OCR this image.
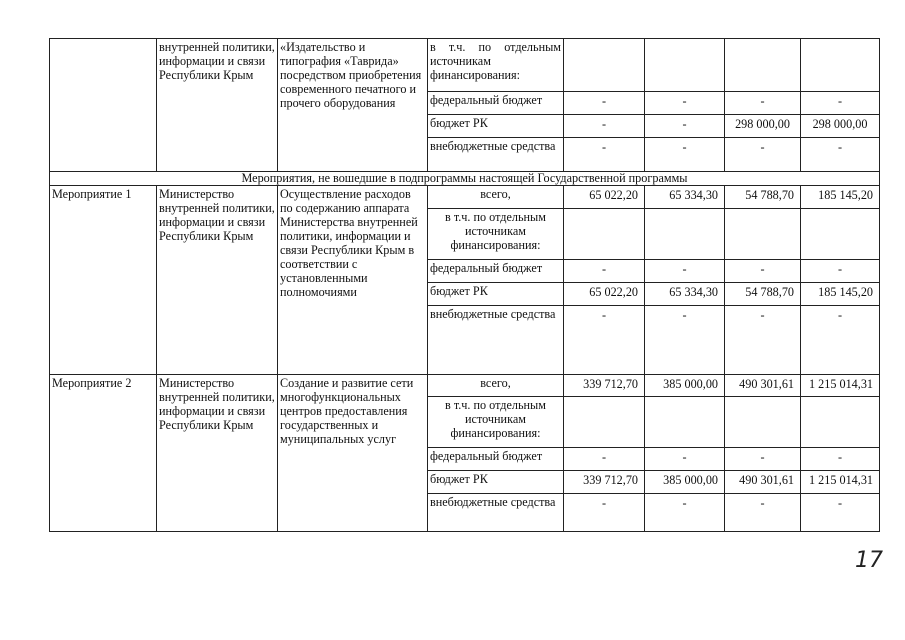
	внутренней политики, информации и связи Республики Крым	«Издательство и типография «Таврида» посредством приобретения современного печатного и прочего оборудования	в т.ч. по отдельным источникам финансирования:				
			федеральный бюджет	-	-	-	-
			бюджет РК	-	-	298 000,00	298 000,00
			внебюджетные средства	-	-	-	-
Мероприятия, не вошедшие в подпрограммы настоящей Государственной программы							
Мероприятие 1	Министерство внутренней политики, информации и связи Республики Крым	Осуществление расходов по содержанию аппарата Министерства внутренней политики, информации и связи Республики Крым в соответствии с установленными полномочиями	всего,	65 022,20	65 334,30	54 788,70	185 145,20
			в т.ч. по отдельным источникам финансирования:				
			федеральный бюджет	-	-	-	-
			бюджет РК	65 022,20	65 334,30	54 788,70	185 145,20
			внебюджетные средства	-	-	-	-
Мероприятие 2	Министерство внутренней политики, информации и связи Республики Крым	Создание и развитие сети многофункциональных центров предоставления государственных и муниципальных услуг	всего,	339 712,70	385 000,00	490 301,61	1 215 014,31
			в т.ч. по отдельным источникам финансирования:				
			федеральный бюджет	-	-	-	-
			бюджет РК	339 712,70	385 000,00	490 301,61	1 215 014,31
			внебюджетные средства	-	-	-	-
17
